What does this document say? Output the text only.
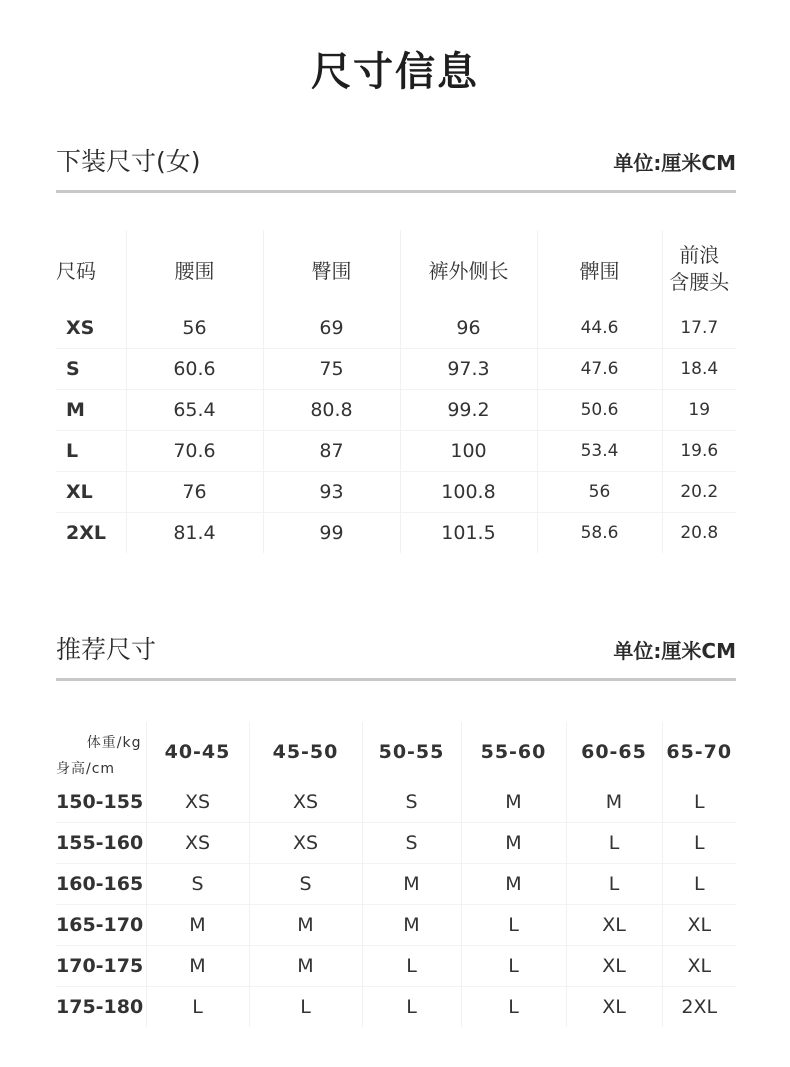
尺寸信息
下装尺寸(女)	单位:厘米CM
尺码	腰围	臀围	裤外侧长	髀围	前浪
含腰头

XS	56	69	96	44.6	17.7
S	60.6	75	97.3	47.6	18.4
M	65.4	80.8	99.2	50.6	19
L	70.6	87	100	53.4	19.6
XL	76	93	100.8	56	20.2
2XL	81.4	99	101.5	58.6	20.8
推荐尺寸	单位:厘米CM
体重/kg
身高/cm	40-45	45-50	50-55	55-60	60-65	65-70
150-155	XS	XS	S	M	M	L
155-160	XS	XS	S	M	L	L
160-165	S	S	M	M	L	L
165-170	M	M	M	L	XL	XL
170-175	M	M	L	L	XL	XL
175-180	L	L	L	L	XL	2XL
